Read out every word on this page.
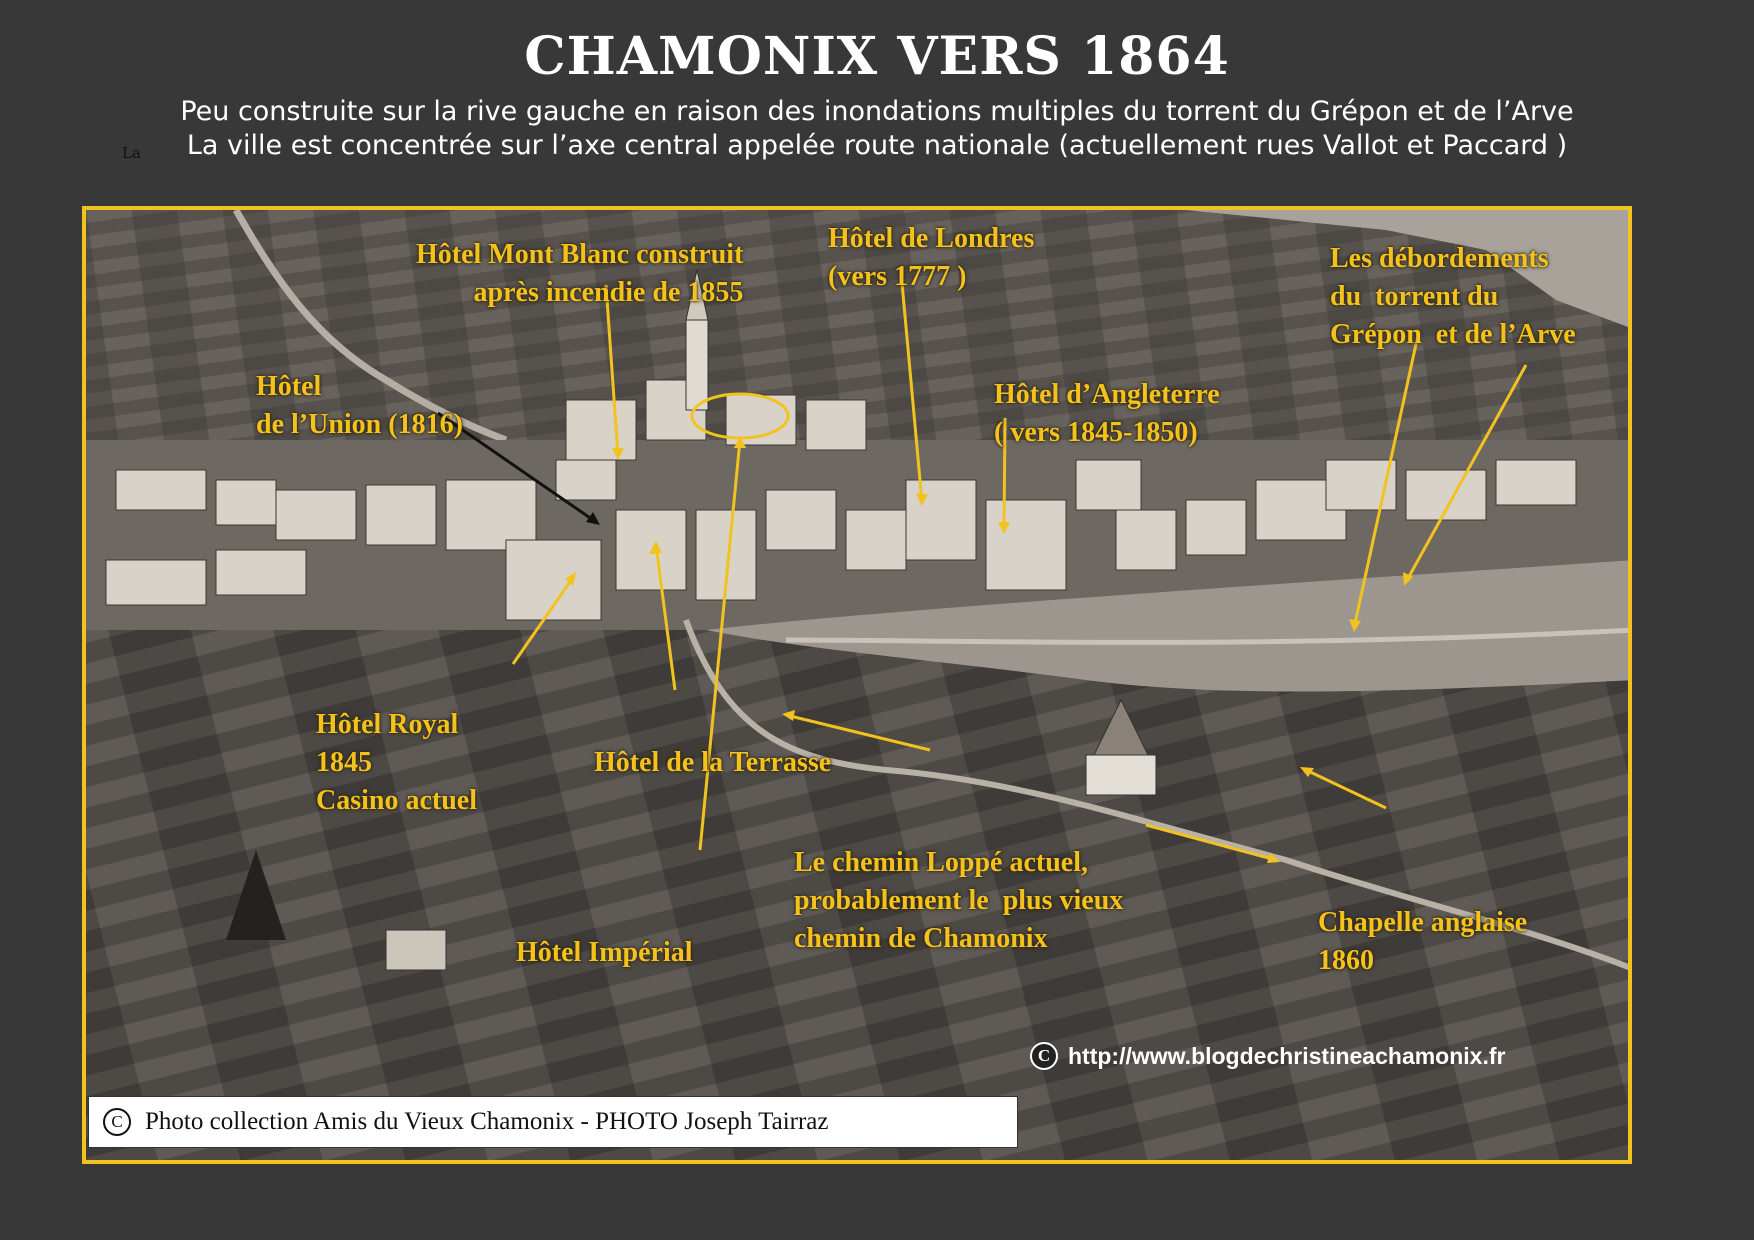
CHAMONIX VERS 1864
Peu construite sur la rive gauche en raison des inondations multiples du torrent du Grépon et de l’Arve
La	La ville est concentrée sur l’axe central appelée route nationale (actuellement rues Vallot et Paccard )
Hôtel Mont Blanc construit
après incendie de 1855
Hôtel de Londres
(vers 1777 )
Les débordements
du  torrent du
Grépon  et de l’Arve
Hôtel
de l’Union (1816)
Hôtel d’Angleterre
( vers 1845-1850)
Hôtel Royal
1845
Casino actuel
Hôtel de la Terrasse
Le chemin Loppé actuel,
probablement le  plus vieux
chemin de Chamonix
Chapelle anglaise
1860
Hôtel Impérial
C http://www.blogdechristineachamonix.fr
C Photo collection Amis du Vieux Chamonix - PHOTO Joseph Tairraz
